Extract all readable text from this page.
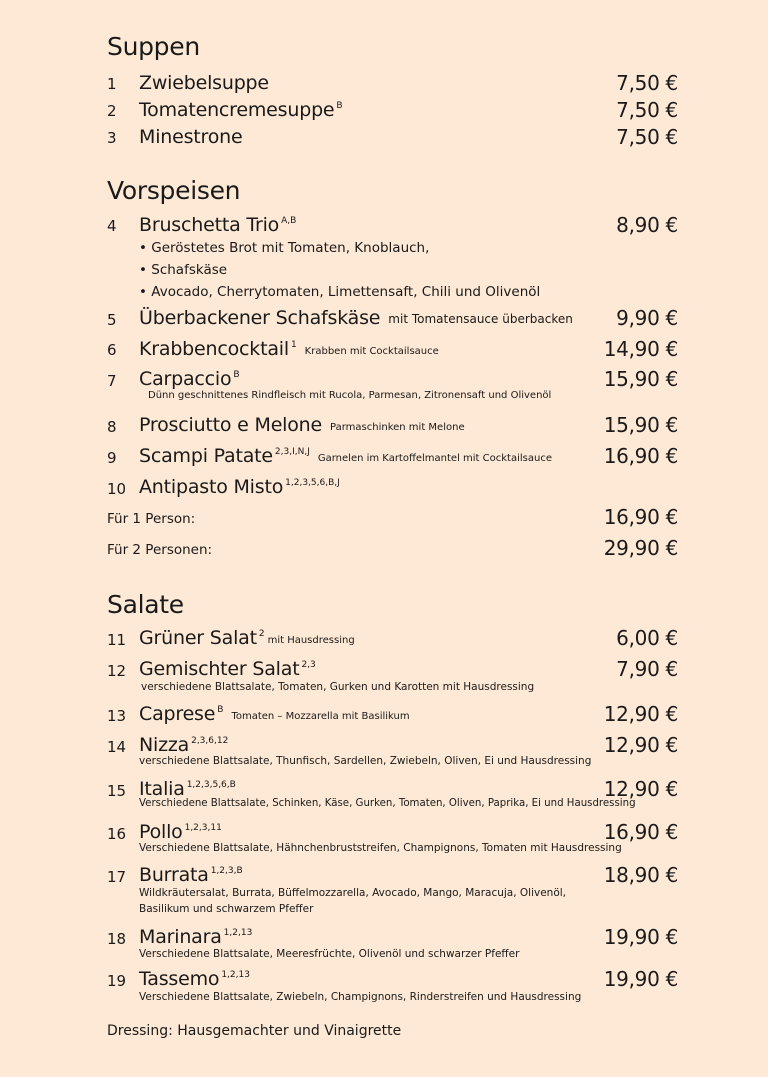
Suppen
1 Zwiebelsuppe	7,50 €
2 Tomatencremesuppe $^B$	7,50 €
3 Minestrone	7,50 €
Vorspeisen
4 Bruschetta Trio $^{A,B}$	8,90 €
• Geröstetes Brot mit Tomaten, Knoblauch,
• Schafskäse
• Avocado, Cherrytomaten, Limettensaft, Chili und Olivenöl
5 Überbackener Schafskäse mit Tomatensauce überbacken 9,90 €
6 Krabbencocktail $^1$Krabben mit Cocktailsauce	14,90 €
7 Carpaccio $^B$	15,90 €
Dünn geschnittenes Rindfleisch mit Rucola, Parmesan, Zitronensaft und Olivenöl
8 Prosciutto e Melone Parmaschinken mit Melone	15,90 €
9 Scampi Patate $^{2,3,I,N,J}$Garnelen im Kartoffelmantel mit Cocktailsauce	16,90 €
10 Antipasto Misto $^{1,2,3,5,6,B,J}$
Für 1 Person:	16,90 €
Für 2 Personen:	29,90 €
Salate
11 Grüner Salat $^2$mit Hausdressing	6,00 €
12 Gemischter Salat $^{2,3}$	7,90 €
verschiedene Blattsalate, Tomaten, Gurken und Karotten mit Hausdressing
13 Caprese $^B$Tomaten – Mozzarella mit Basilikum	12,90 €
14 Nizza $^{2,3,6,12}$	12,90 €
verschiedene Blattsalate, Thunfisch, Sardellen, Zwiebeln, Oliven, Ei und Hausdressing
15 Italia $^{1,2,3,5,6,B}$	12,90 €
Verschiedene Blattsalate, Schinken, Käse, Gurken, Tomaten, Oliven, Paprika, Ei und Hausdressing
16 Pollo $^{1,2,3,11}$	16,90 €
Verschiedene Blattsalate, Hähnchenbruststreifen, Champignons, Tomaten mit Hausdressing
17 Burrata $^{1,2,3,B}$	18,90 €
Wildkräutersalat, Burrata, Büffelmozzarella, Avocado, Mango, Maracuja, Olivenöl,
Basilikum und schwarzem Pfeffer
18 Marinara $^{1,2,13}$	19,90 €
Verschiedene Blattsalate, Meeresfrüchte, Olivenöl und schwarzer Pfeffer
19 Tassemo $^{1,2,13}$	19,90 €
Verschiedene Blattsalate, Zwiebeln, Champignons, Rinderstreifen und Hausdressing
Dressing: Hausgemachter und Vinaigrette
